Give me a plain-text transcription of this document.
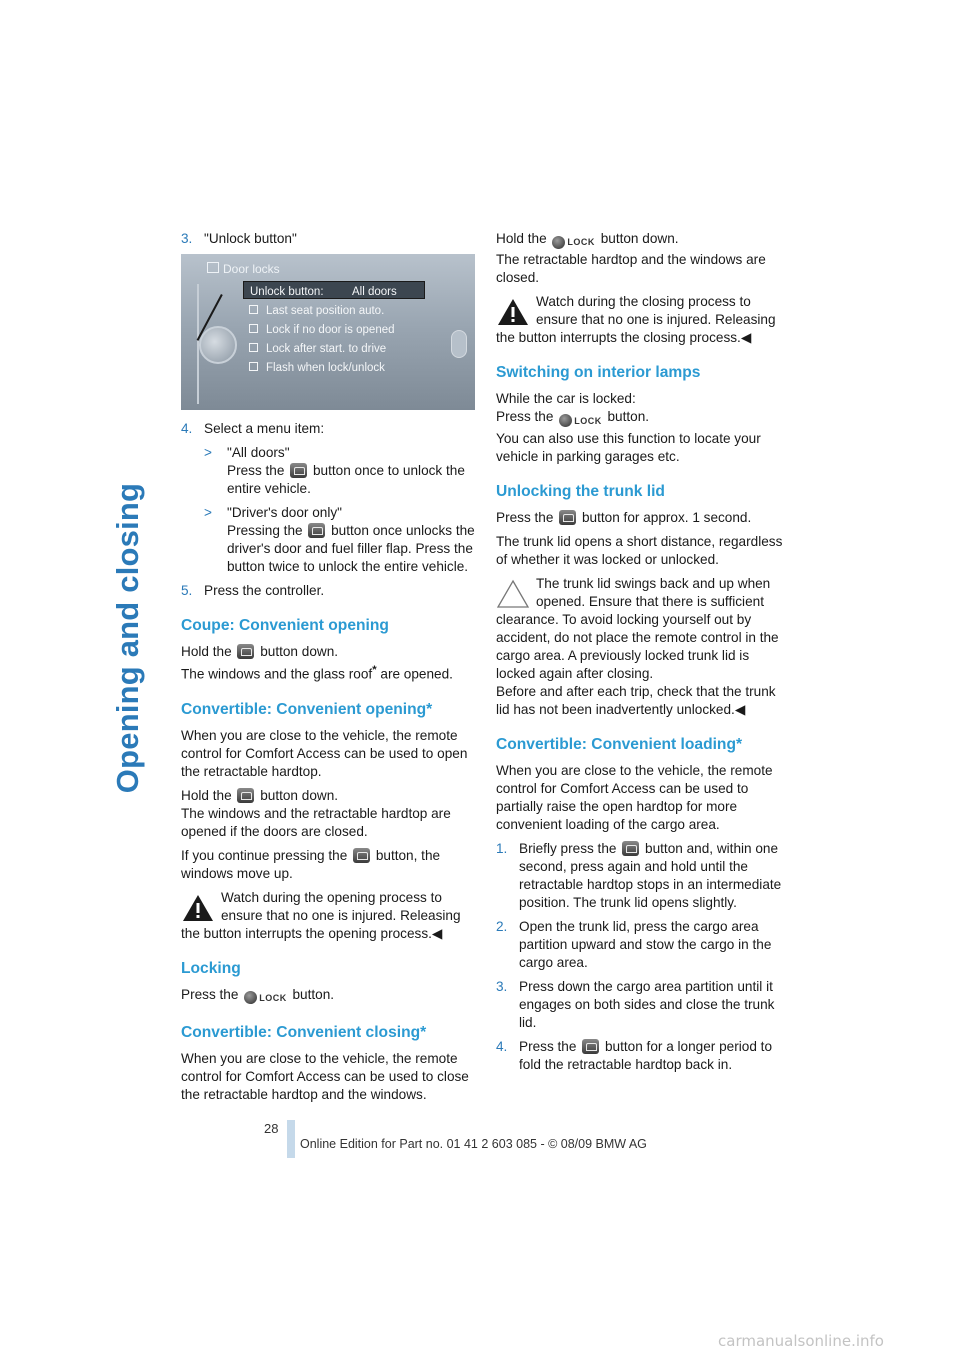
Opening and closing
3. "Unlock button"
Door locks
Unlock button: All doors
Last seat position auto.
Lock if no door is opened
Lock after start. to drive
Flash when lock/unlock
4. Select a menu item:
> "All doors"
Press the button once to unlock the entire vehicle.
> "Driver's door only"
Pressing the button once unlocks the driver's door and fuel filler flap. Press the button twice to unlock the entire vehicle.
5. Press the controller.
Coupe: Convenient opening

Hold the button down.
The windows and the glass roof* are opened.

Convertible: Convenient opening*

When you are close to the vehicle, the remote control for Comfort Access can be used to open the retractable hardtop.

Hold the button down.
The windows and the retractable hardtop are opened if the doors are closed.

If you continue pressing the button, the windows move up.

Watch during the opening process to ensure that no one is injured. Releasing the button interrupts the opening process.◀
Locking

Press the LOCK button.

Convertible: Convenient closing*

When you are close to the vehicle, the remote control for Comfort Access can be used to close the retractable hardtop and the windows.

Hold the LOCK button down.
The retractable hardtop and the windows are closed.

Watch during the closing process to ensure that no one is injured. Releasing the button interrupts the closing process.◀
Switching on interior lamps

While the car is locked:
Press the LOCK button.
You can also use this function to locate your vehicle in parking garages etc.

Unlocking the trunk lid

Press the button for approx. 1 second.

The trunk lid opens a short distance, regardless of whether it was locked or unlocked.

The trunk lid swings back and up when opened. Ensure that there is sufficient clearance. To avoid locking yourself out by accident, do not place the remote control in the cargo area. A previously locked trunk lid is locked again after closing.
Before and after each trip, check that the trunk lid has not been inadvertently unlocked.◀
Convertible: Convenient loading*

When you are close to the vehicle, the remote control for Comfort Access can be used to partially raise the open hardtop for more convenient loading of the cargo area.

1. Briefly press the button and, within one second, press again and hold until the retractable hardtop stops in an intermediate position. The trunk lid opens slightly.
2. Open the trunk lid, press the cargo area partition upward and stow the cargo in the cargo area.
3. Press down the cargo area partition until it engages on both sides and close the trunk lid.
4. Press the button for a longer period to fold the retractable hardtop back in.
28
Online Edition for Part no. 01 41 2 603 085 - © 08/09 BMW AG
carmanualsonline.info
